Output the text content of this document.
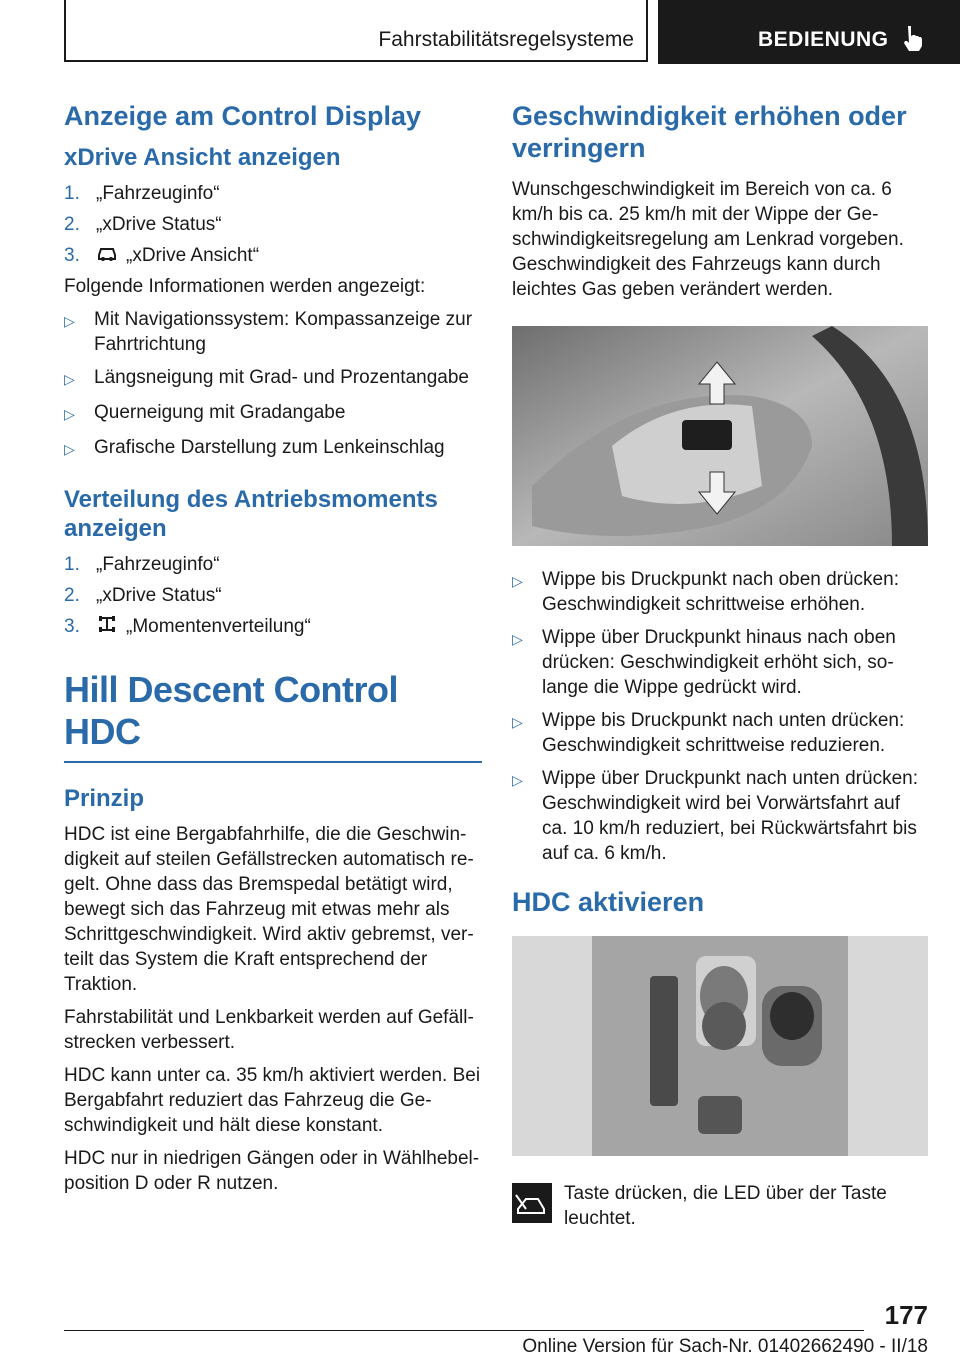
Fahrstabilitätsregelsysteme	BEDIENUNG
Anzeige am Control Display
xDrive Ansicht anzeigen
1. „Fahrzeuginfo“
2. „xDrive Status“
3.	„xDrive Ansicht“

Folgende Informationen werden angezeigt:

▷	Mit Navigationssystem: Kompassanzeige zur Fahrtrichtung
▷	Längsneigung mit Grad- und Prozentangabe
▷	Querneigung mit Gradangabe
▷	Grafische Darstellung zum Lenkeinschlag
Verteilung des Antriebsmoments anzeigen
1. „Fahrzeuginfo“
2. „xDrive Status“
3.	„Momentenverteilung“
Hill Descent Control HDC
Prinzip

HDC ist eine Bergabfahrhilfe, die die Geschwin‐digkeit auf steilen Gefällstrecken automatisch re‐gelt. Ohne dass das Bremspedal betätigt wird, bewegt sich das Fahrzeug mit etwas mehr als Schrittgeschwindigkeit. Wird aktiv gebremst, ver‐teilt das System die Kraft entsprechend der Traktion.

Fahrstabilität und Lenkbarkeit werden auf Gefäll‐strecken verbessert.

HDC kann unter ca. 35 km/h aktiviert werden. Bei Bergabfahrt reduziert das Fahrzeug die Ge‐schwindigkeit und hält diese konstant.

HDC nur in niedrigen Gängen oder in Wählhebel‐position D oder R nutzen.

Geschwindigkeit erhöhen oder verringern

Wunschgeschwindigkeit im Bereich von ca. 6 km/h bis ca. 25 km/h mit der Wippe der Ge‐schwindigkeitsregelung am Lenkrad vorgeben. Geschwindigkeit des Fahrzeugs kann durch leichtes Gas geben verändert werden.

▷	Wippe bis Druckpunkt nach oben drücken: Geschwindigkeit schrittweise erhöhen.
▷	Wippe über Druckpunkt hinaus nach oben drücken: Geschwindigkeit erhöht sich, so‐lange die Wippe gedrückt wird.
▷	Wippe bis Druckpunkt nach unten drücken: Geschwindigkeit schrittweise reduzieren.
▷	Wippe über Druckpunkt nach unten drücken: Geschwindigkeit wird bei Vorwärtsfahrt auf ca. 10 km/h reduziert, bei Rückwärtsfahrt bis auf ca. 6 km/h.
HDC aktivieren

Taste drücken, die LED über der Taste leuchtet.

177
Online Version für Sach-Nr. 01402662490 - II/18
